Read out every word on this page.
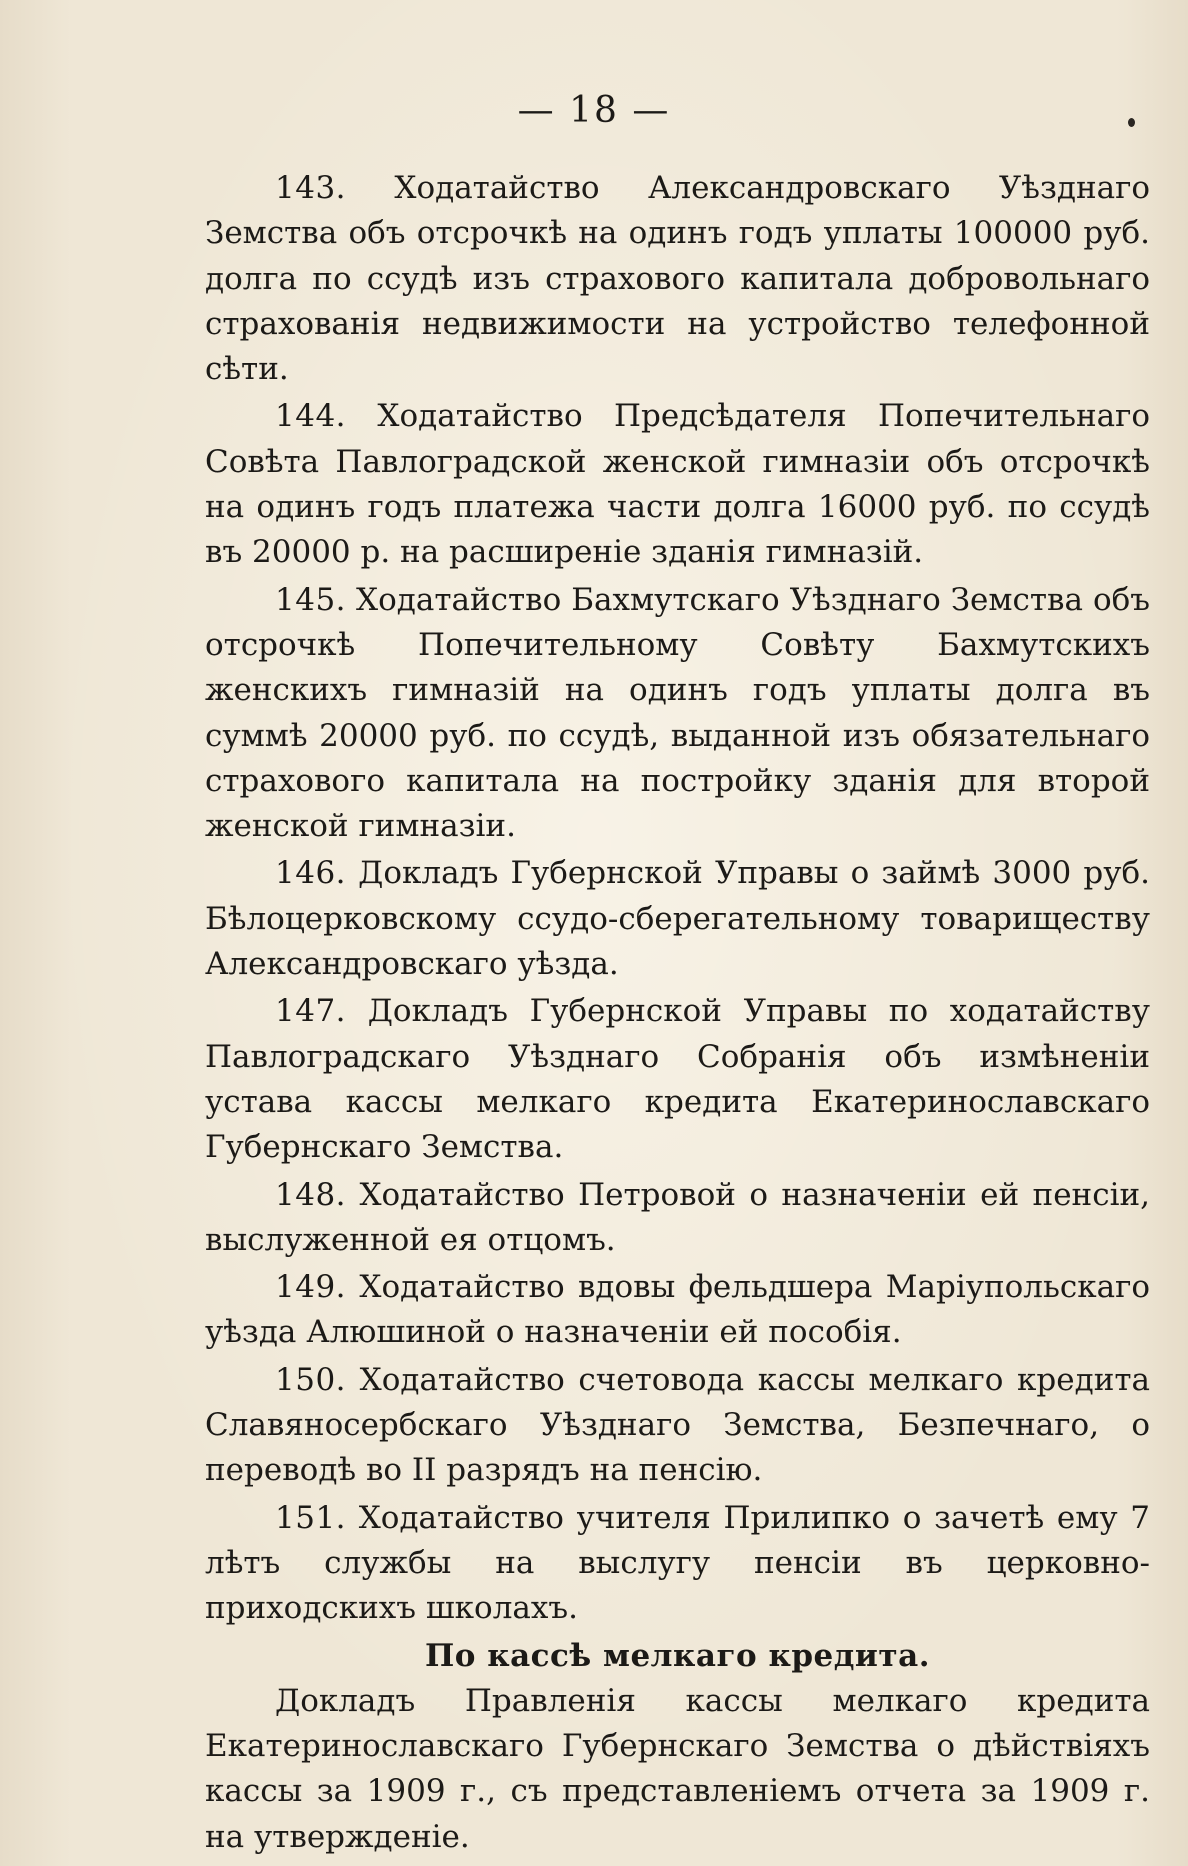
— 18 —

143. Ходатайство Александровскаго Уѣзднаго Земства объ отсрочкѣ на одинъ годъ уплаты 100000 руб. долга по ссудѣ изъ страхового капитала добровольнаго страхованія недвижимости на устройство телефонной сѣти.

144. Ходатайство Предсѣдателя Попечительнаго Совѣта Павлоградской женской гимназіи объ отсрочкѣ на одинъ годъ платежа части долга 16000 руб. по ссудѣ въ 20000 р. на расширеніе зданія гимназій.

145. Ходатайство Бахмутскаго Уѣзднаго Земства объ отсрочкѣ Попечительному Совѣту Бахмутскихъ женскихъ гимназій на одинъ годъ уплаты долга въ суммѣ 20000 руб. по ссудѣ, выданной изъ обязательнаго страхового капитала на постройку зданія для второй женской гимназіи.

146. Докладъ Губернской Управы о займѣ 3000 руб. Бѣлоцерковскому ссудо-сберегательному товариществу Александровскаго уѣзда.

147. Докладъ Губернской Управы по ходатайству Павлоградскаго Уѣзднаго Собранія объ измѣненіи устава кассы мелкаго кредита Екатеринославскаго Губернскаго Земства.

148. Ходатайство Петровой о назначеніи ей пенсіи, выслуженной ея отцомъ.

149. Ходатайство вдовы фельдшера Маріупольскаго уѣзда Алюшиной о назначеніи ей пособія.

150. Ходатайство счетовода кассы мелкаго кредита Славяносербскаго Уѣзднаго Земства, Безпечнаго, о переводѣ во II разрядъ на пенсію.

151. Ходатайство учителя Прилипко о зачетѣ ему 7 лѣтъ службы на выслугу пенсіи въ церковно-приходскихъ школахъ.

По кассѣ мелкаго кредита.

Докладъ Правленія кассы мелкаго кредита Екатеринославскаго Губернскаго Земства о дѣйствіяхъ кассы за 1909 г., съ представленіемъ отчета за 1909 г. на утвержденіе.
